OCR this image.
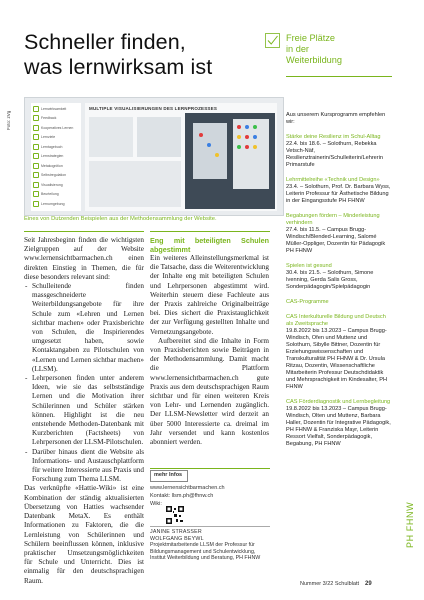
Schneller finden,
was lernwirksam ist
Foto: zVg
Lernwirksamkeit
Feedback
Kooperatives Lernen
Lernziele
Lerntagebuch
Lernstrategien
Metakognition
Selbstregulation
Visualisierung
Beurteilung
Lernumgebung
MULTIPLE VISUALISIERUNGEN DES LERNPROZESSES
Eines von Dutzenden Beispielen aus der Methodensammlung der Website.

Seit Jahresbeginn finden die wichtigsten Zielgruppen auf der Website www.lernensichtbarmachen.ch einen direkten Einstieg in Themen, die für diese besonders relevant sind:

- Schulleitende finden massgeschneiderte Weiterbildungsangebote für ihre Schule zum «Lehren und Lernen sichtbar machen» oder Praxisberichte von Schulen, die Inspirierendes umgesetzt haben, sowie Kontaktangaben zu Pilotschulen von «Lernen und Lernen sichtbar machen» (LLSM).
- Lehrpersonen finden unter anderem Ideen, wie sie das selbstständige Lernen und die Motivation ihrer Schülerinnen und Schüler stärken können. Highlight ist die neu entstehende Methoden-Datenbank mit Kurzberichten (Factsheets) von Lehrpersonen der LLSM-Pilotschulen.
- Darüber hinaus dient die Website als Informations- und Austauschplattform für weitere Interessierte aus Praxis und Forschung zum Thema LLSM.

Das verknüpfte «Hattie-Wiki» ist eine Kombination der ständig aktualisierten Übersetzung von Hatties wachsender Datenbank MetaX. Es enthält Informationen zu Faktoren, die die Lernleistung von Schülerinnen und Schülern beeinflussen können, inklusive praktischer Umsetzungsmöglichkeiten für Schule und Unterricht. Dies ist einmalig für den deutschsprachigen Raum.

Eng mit beteiligten Schulen abgestimmt

Ein weiteres Alleinstellungsmerkmal ist die Tatsache, dass die Weiterentwicklung der Inhalte eng mit beteiligten Schulen und Lehrpersonen abgestimmt wird. Weiterhin steuern diese Fachleute aus der Praxis zahlreiche Originalbeiträge bei. Dies sichert die Praxistauglichkeit der zur Verfügung gestellten Inhalte und Vernetzungsangebote.

Aufbereitet sind die Inhalte in Form von Praxisberichten sowie Beiträgen in der Methodensammlung. Damit macht die Plattform www.lernensichtbarmachen.ch gute Praxis aus dem deutschsprachigen Raum sichtbar und für einen weiteren Kreis von Lehr- und Lernenden zugänglich. Der LLSM-Newsletter wird derzeit an über 5000 Interessierte ca. dreimal im Jahr versendet und kann kostenlos abonniert werden.

mehr Infos
www.lernensichtbarmachen.ch
Kontakt: llsm.ph@fhnw.ch
Wiki:
JANINE STRASSER
WOLFGANG BEYWL
Projektmitarbeitende LLSM der Professur für Bildungsmanagement und Schulentwicklung, Institut Weiterbildung und Beratung, PH FHNW
Freie Plätze
in der
Weiterbildung
Aus unserem Kursprogramm empfehlen wir:
Stärke deine Resilienz im Schul-Alltag
22.4. bis 18.6. – Solothurn, Rebekka Vetsch-Näf, Resilienztrainerin/Schulleiterin/Lehrerin Primarstufe
Lehrmittelreihe «Technik und Design»
23.4. – Solothurn, Prof. Dr. Barbara Wyss, Leiterin Professur für Ästhetische Bildung in der Eingangsstufe PH FHNW
Begabungen fördern – Minderleistung verhindern
27.4. bis 11.5. – Campus Brugg-Windisch/Blended-Learning, Salomé Müller-Oppliger, Dozentin für Pädagogik PH FHNW
Spielen ist gesund
30.4. bis 21.5. – Solothurn, Simone Ivenning, Gerda Salis Gross, Sonderpädagogin/Spielpädagogin
CAS-Programme
CAS Interkulturelle Bildung und Deutsch als Zweitsprache
19.8.2022 bis 13.2023 – Campus Brugg-Windisch, Ofen und Muttenz und Solothurn, Sibylle Bittner, Dozentin für Erziehungswissenschaften und Transkulturalität PH FHNW & Dr. Ursula Ritzau, Dozentin, Wissenschaftliche Mitarbeiterin Professur Deutschdidaktik und Mehrsprachigkeit im Kindesalter, PH FHNW
CAS Förderdiagnostik und Lernbegleitung
19.8.2022 bis 13.2023 – Campus Brugg-Windisch, Olten und Muttenz, Barbara Haller, Dozentin für Integrative Pädagogik, PH FHNW & Franziska Mayr, Leiterin Ressort Vielfalt, Sonderpädagogik, Begabung, PH FHNW
PH FHNW
Nummer 3/22 Schulblatt 29
